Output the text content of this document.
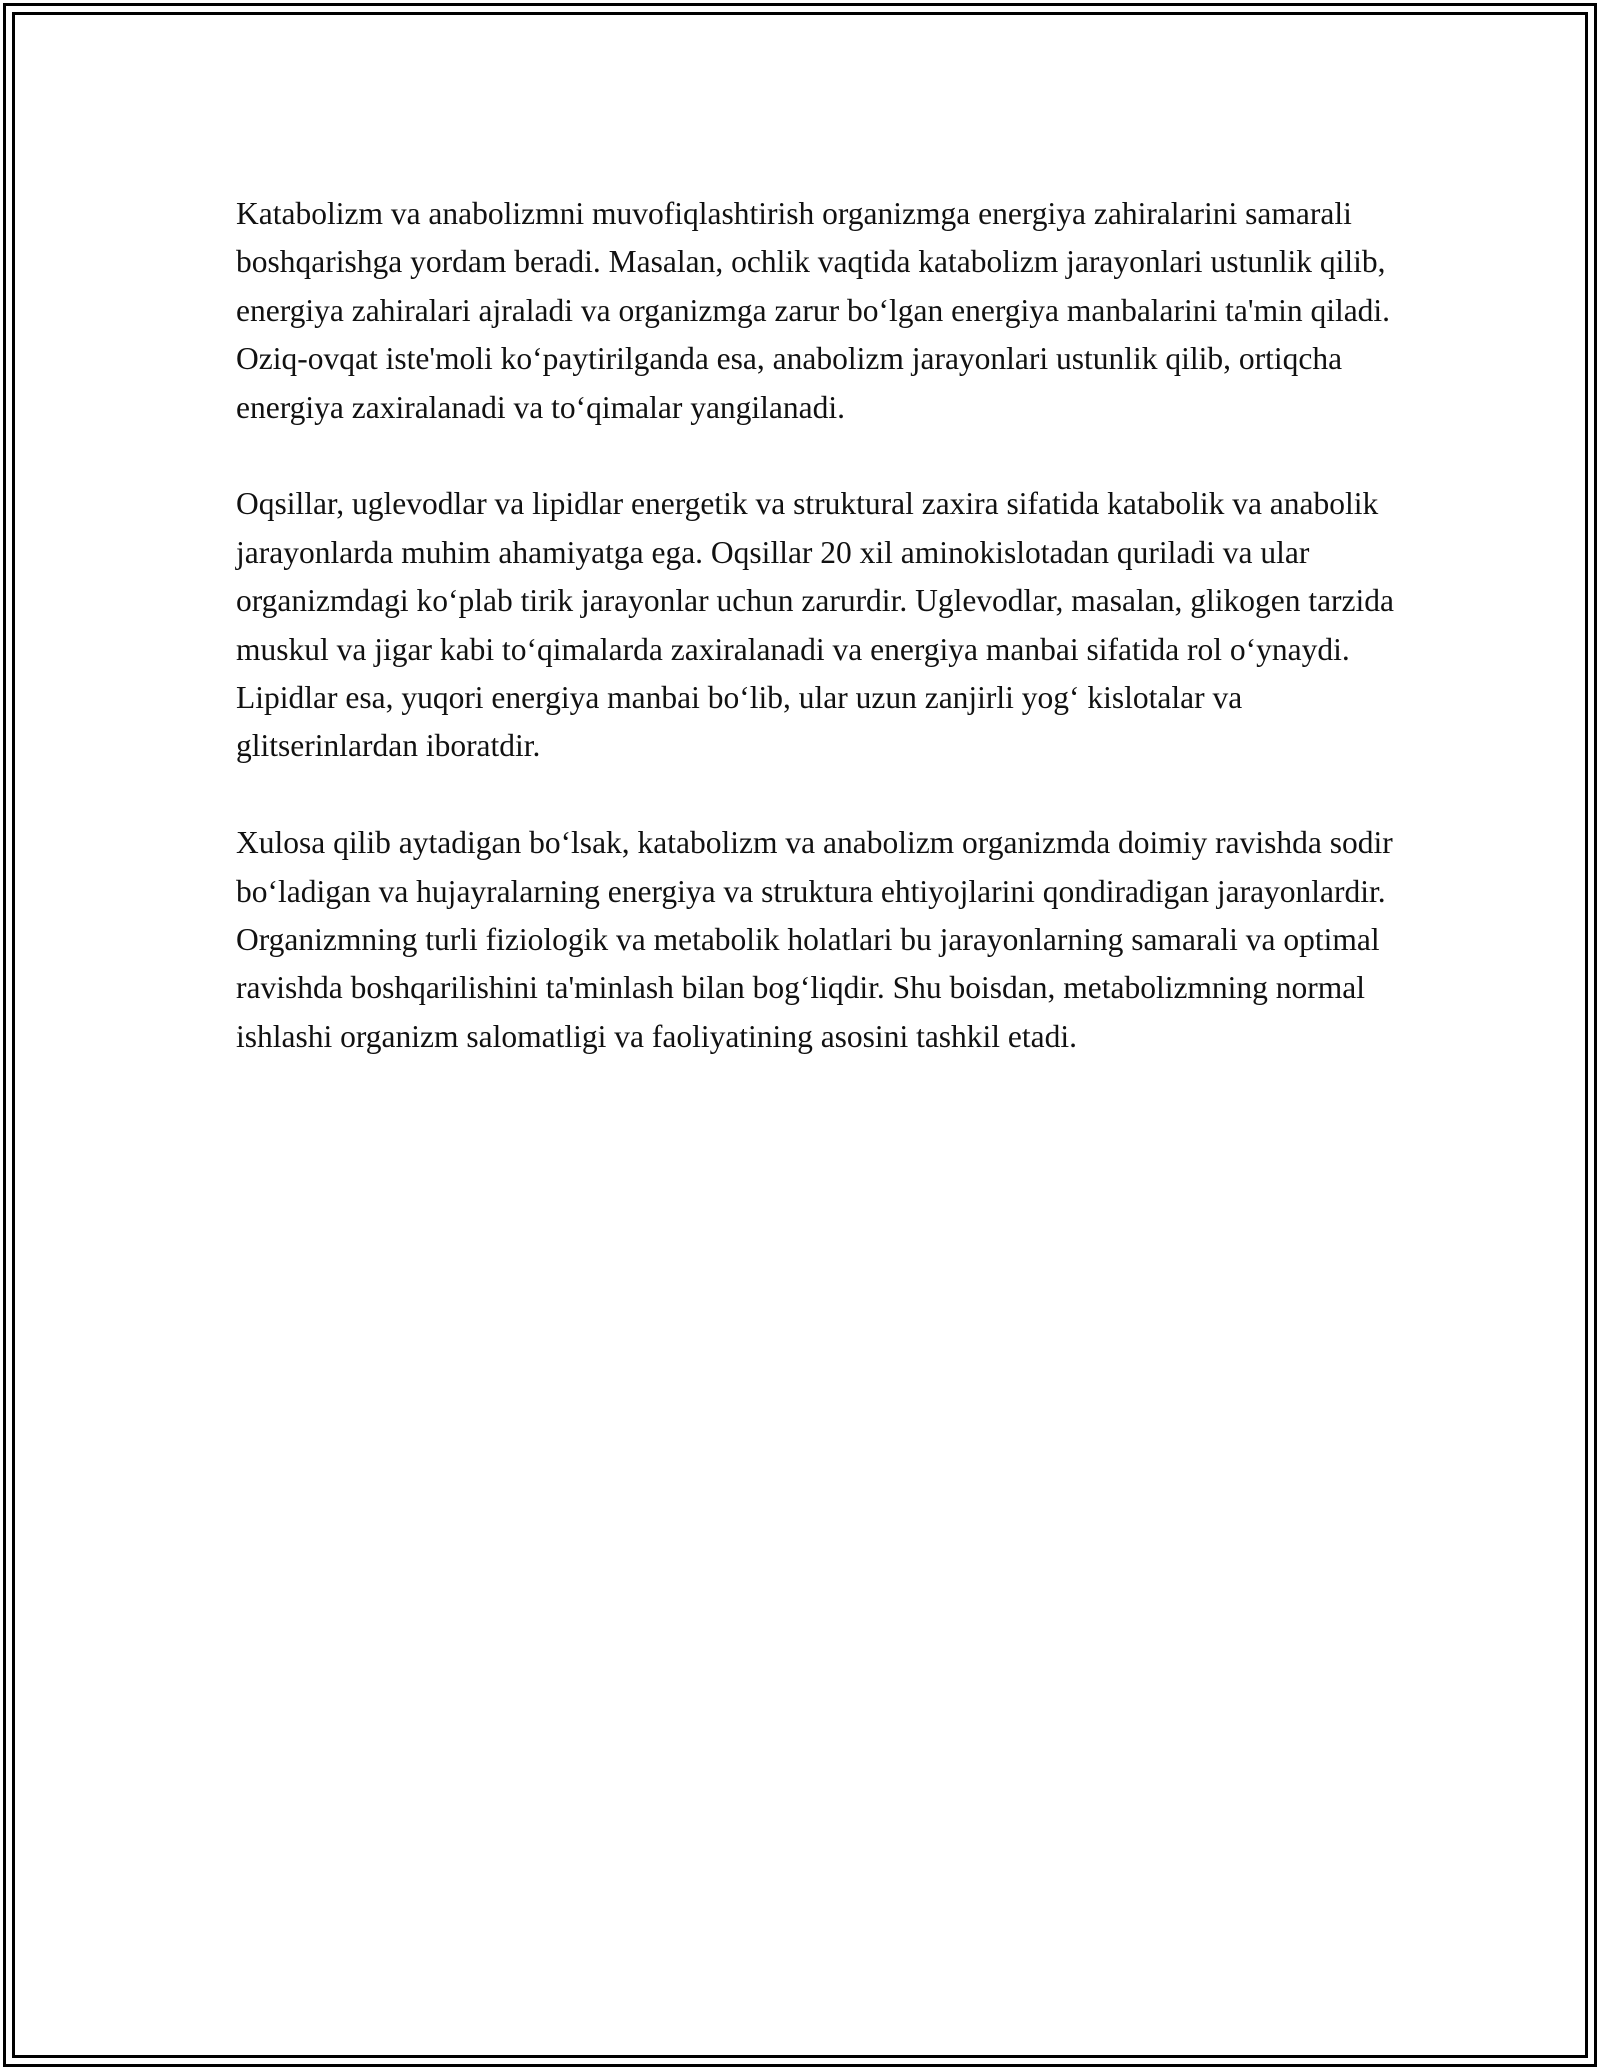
Katabolizm va anabolizmni muvofiqlashtirish organizmga energiya zahiralarini samarali boshqarishga yordam beradi. Masalan, ochlik vaqtida katabolizm jarayonlari ustunlik qilib, energiya zahiralari ajraladi va organizmga zarur bo‘lgan energiya manbalarini ta'min qiladi. Oziq-ovqat iste'moli ko‘paytirilganda esa, anabolizm jarayonlari ustunlik qilib, ortiqcha energiya zaxiralanadi va to‘qimalar yangilanadi.

Oqsillar, uglevodlar va lipidlar energetik va struktural zaxira sifatida katabolik va anabolik jarayonlarda muhim ahamiyatga ega. Oqsillar 20 xil aminokislotadan quriladi va ular organizmdagi ko‘plab tirik jarayonlar uchun zarurdir. Uglevodlar, masalan, glikogen tarzida muskul va jigar kabi to‘qimalarda zaxiralanadi va energiya manbai sifatida rol o‘ynaydi. Lipidlar esa, yuqori energiya manbai bo‘lib, ular uzun zanjirli yog‘ kislotalar va glitserinlardan iboratdir.

Xulosa qilib aytadigan bo‘lsak, katabolizm va anabolizm organizmda doimiy ravishda sodir bo‘ladigan va hujayralarning energiya va struktura ehtiyojlarini qondiradigan jarayonlardir. Organizmning turli fiziologik va metabolik holatlari bu jarayonlarning samarali va optimal ravishda boshqarilishini ta'minlash bilan bog‘liqdir. Shu boisdan, metabolizmning normal ishlashi organizm salomatligi va faoliyatining asosini tashkil etadi.
